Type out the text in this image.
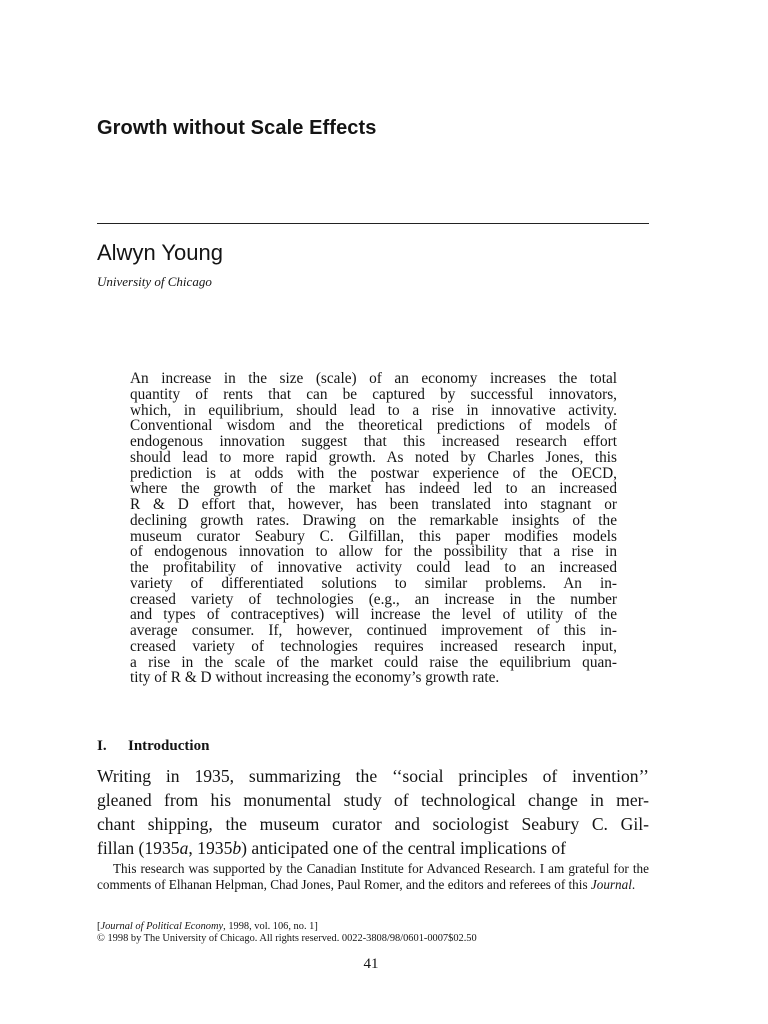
Growth without Scale Effects
Alwyn Young

University of Chicago

An increase in the size (scale) of an economy increases the total
quantity of rents that can be captured by successful innovators,
which, in equilibrium, should lead to a rise in innovative activity.
Conventional wisdom and the theoretical predictions of models of
endogenous innovation suggest that this increased research effort
should lead to more rapid growth. As noted by Charles Jones, this
prediction is at odds with the postwar experience of the OECD,
where the growth of the market has indeed led to an increased
R & D effort that, however, has been translated into stagnant or
declining growth rates. Drawing on the remarkable insights of the
museum curator Seabury C. Gilfillan, this paper modifies models
of endogenous innovation to allow for the possibility that a rise in
the profitability of innovative activity could lead to an increased
variety of differentiated solutions to similar problems. An in-
creased variety of technologies (e.g., an increase in the number
and types of contraceptives) will increase the level of utility of the
average consumer. If, however, continued improvement of this in-
creased variety of technologies requires increased research input,
a rise in the scale of the market could raise the equilibrium quan-
tity of R & D without increasing the economy’s growth rate.
I. Introduction
Writing in 1935, summarizing the ‘‘social principles of invention’’
gleaned from his monumental study of technological change in mer-
chant shipping, the museum curator and sociologist Seabury C. Gil-
fillan (1935a, 1935b) anticipated one of the central implications of

This research was supported by the Canadian Institute for Advanced Research. I am grateful for the comments of Elhanan Helpman, Chad Jones, Paul Romer, and the editors and referees of this Journal.

[Journal of Political Economy, 1998, vol. 106, no. 1]
© 1998 by The University of Chicago. All rights reserved. 0022-3808/98/0601-0007$02.50

41
